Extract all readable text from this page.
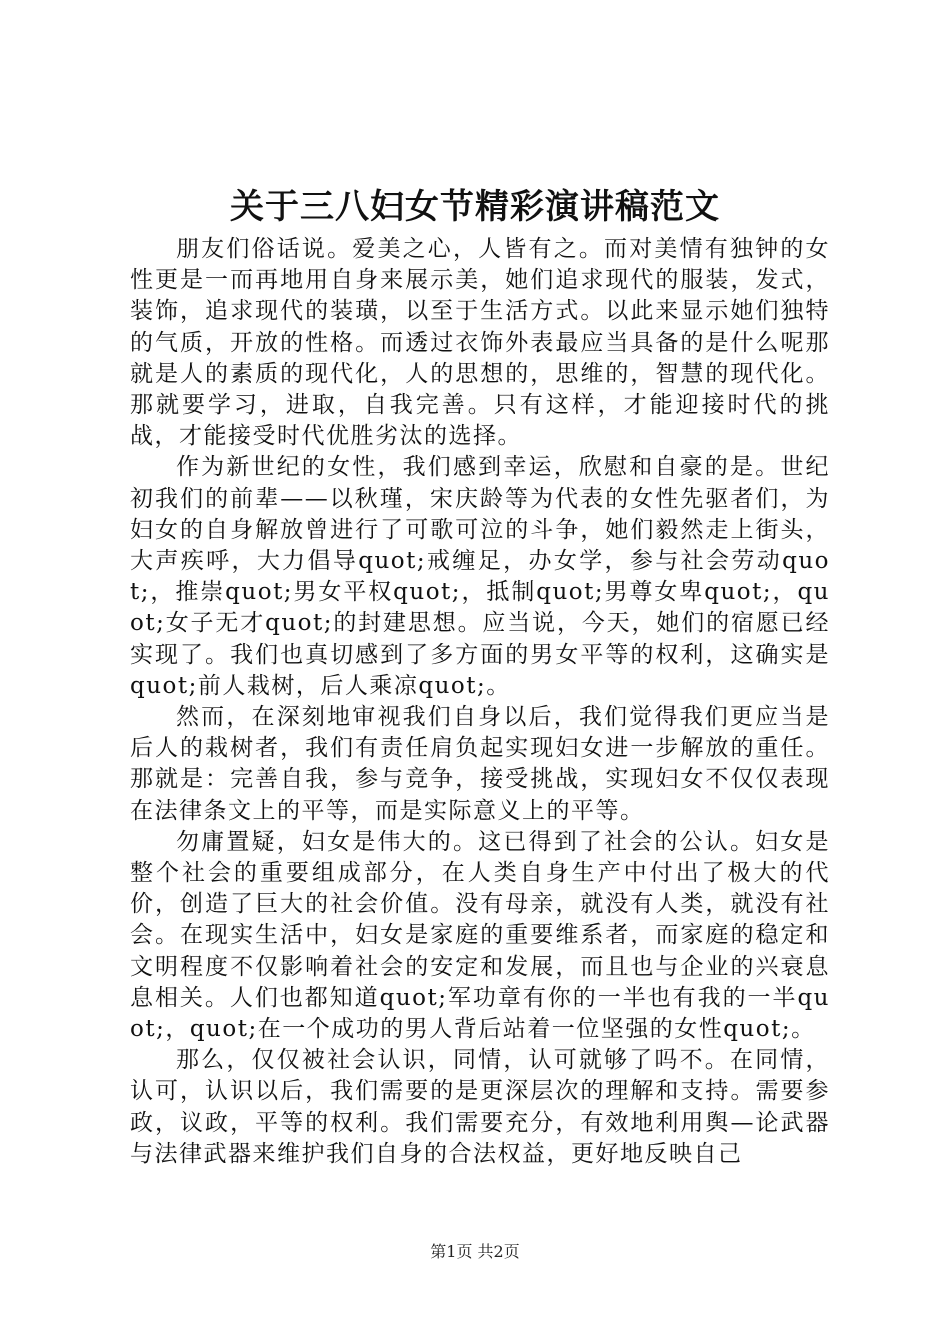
关于三八妇女节精彩演讲稿范文

朋友们俗话说。爱美之心，人皆有之。而对美情有独钟的女性更是一而再地用自身来展示美，她们追求现代的服装，发式，装饰，追求现代的装璜，以至于生活方式。以此来显示她们独特的气质，开放的性格。而透过衣饰外表最应当具备的是什么呢那就是人的素质的现代化，人的思想的，思维的，智慧的现代化。那就要学习，进取，自我完善。只有这样，才能迎接时代的挑战，才能接受时代优胜劣汰的选择。

作为新世纪的女性，我们感到幸运，欣慰和自豪的是。世纪初我们的前辈——以秋瑾，宋庆龄等为代表的女性先驱者们，为妇女的自身解放曾进行了可歌可泣的斗争，她们毅然走上街头，大声疾呼，大力倡导quot;戒缠足，办女学，参与社会劳动quot;，推崇quot;男女平权quot;，抵制quot;男尊女卑quot;，quot;女子无才quot;的封建思想。应当说，今天，她们的宿愿已经实现了。我们也真切感到了多方面的男女平等的权利，这确实是quot;前人栽树，后人乘凉quot;。

然而，在深刻地审视我们自身以后，我们觉得我们更应当是后人的栽树者，我们有责任肩负起实现妇女进一步解放的重任。那就是：完善自我，参与竞争，接受挑战，实现妇女不仅仅表现在法律条文上的平等，而是实际意义上的平等。

勿庸置疑，妇女是伟大的。这已得到了社会的公认。妇女是整个社会的重要组成部分，在人类自身生产中付出了极大的代价，创造了巨大的社会价值。没有母亲，就没有人类，就没有社会。在现实生活中，妇女是家庭的重要维系者，而家庭的稳定和文明程度不仅影响着社会的安定和发展，而且也与企业的兴衰息息相关。人们也都知道quot;军功章有你的一半也有我的一半quot;，quot;在一个成功的男人背后站着一位坚强的女性quot;。

那么，仅仅被社会认识，同情，认可就够了吗不。在同情，认可，认识以后，我们需要的是更深层次的理解和支持。需要参政，议政，平等的权利。我们需要充分，有效地利用舆—论武器与法律武器来维护我们自身的合法权益，更好地反映自己

第1页 共2页
